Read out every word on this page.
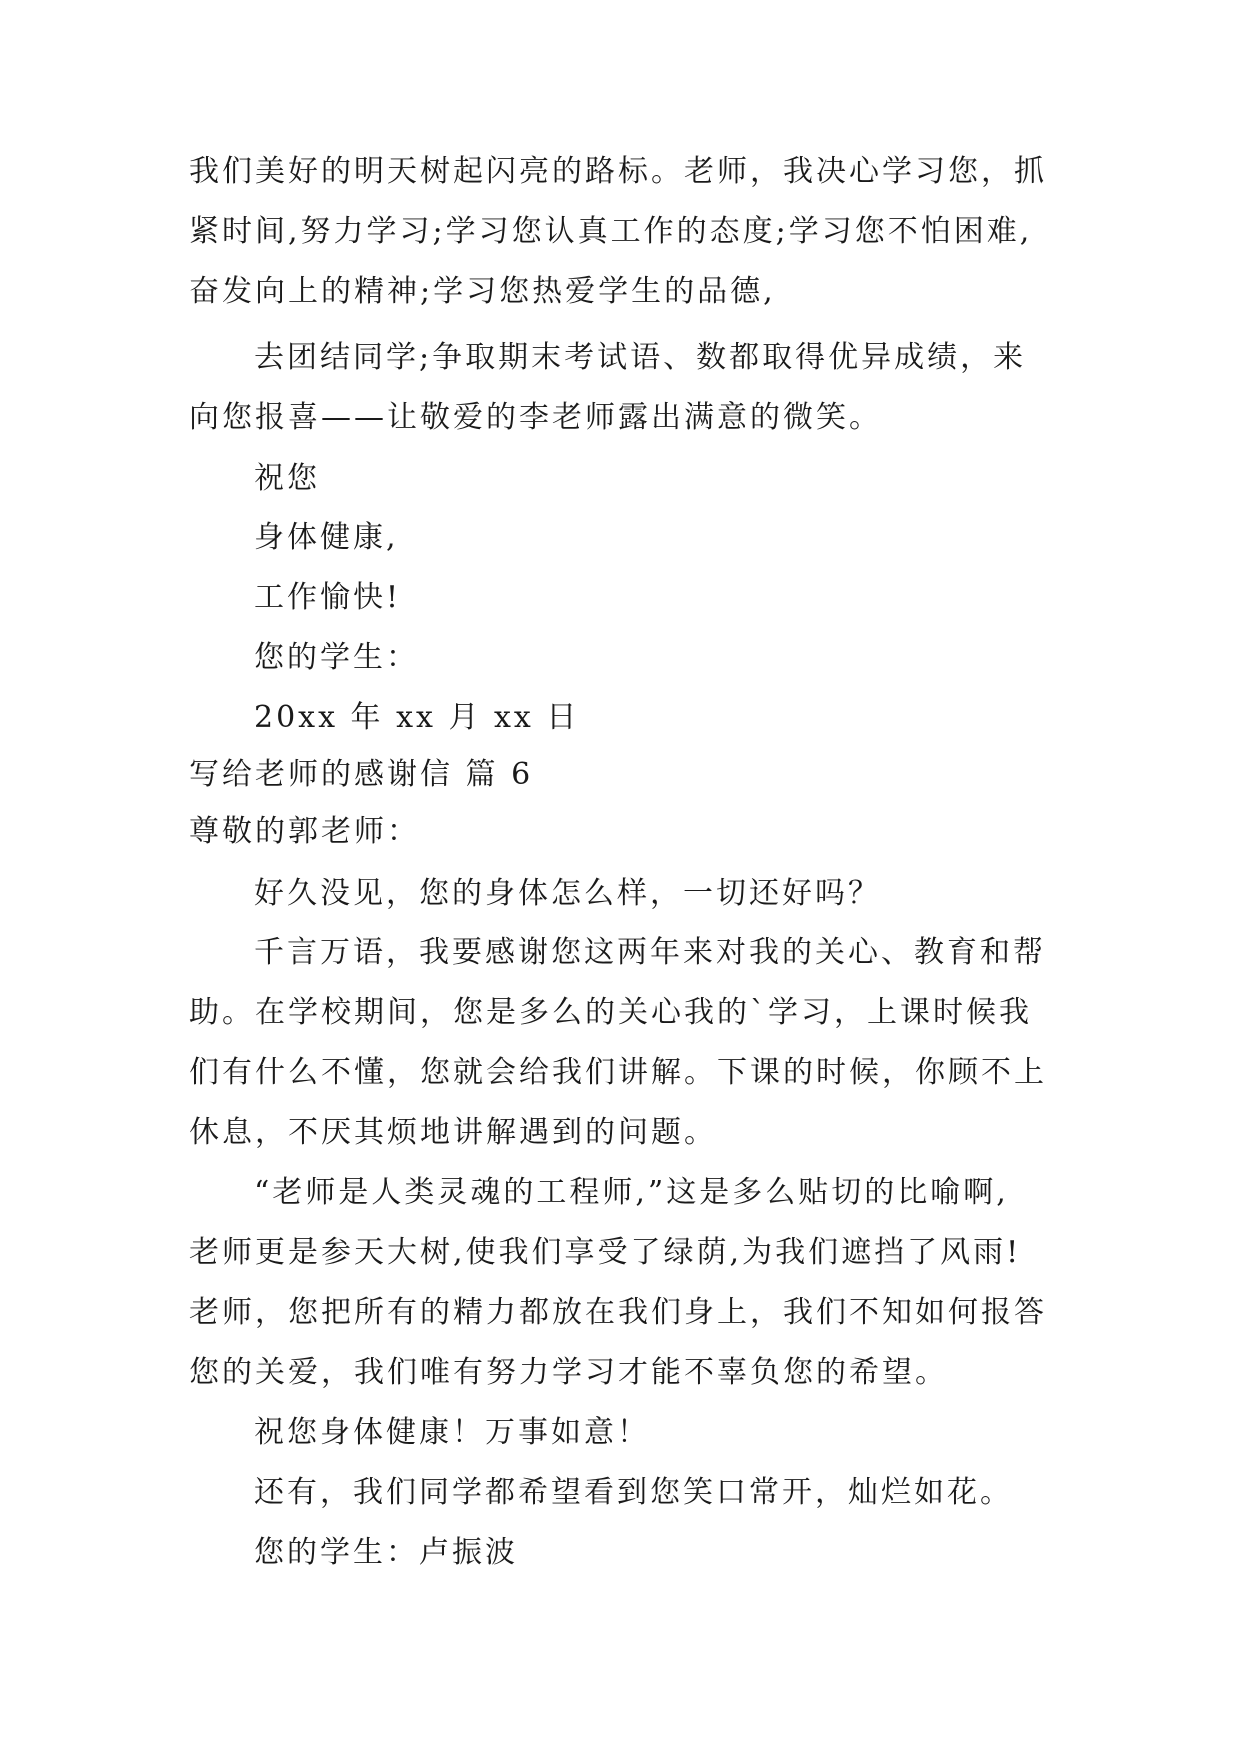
我们美好的明天树起闪亮的路标。老师，我决心学习您，抓
紧时间,努力学习;学习您认真工作的态度;学习您不怕困难,
奋发向上的精神;学习您热爱学生的品德,
去团结同学;争取期末考试语、数都取得优异成绩，来
向您报喜——让敬爱的李老师露出满意的微笑。
祝您
身体健康,
工作愉快!
您的学生：
20xx 年 xx 月 xx 日
写给老师的感谢信 篇 6
尊敬的郭老师：
好久没见，您的身体怎么样，一切还好吗？
千言万语，我要感谢您这两年来对我的关心、教育和帮
助。在学校期间，您是多么的关心我的`学习，上课时候我
们有什么不懂，您就会给我们讲解。下课的时候，你顾不上
休息，不厌其烦地讲解遇到的问题。
“老师是人类灵魂的工程师,”这是多么贴切的比喻啊,
老师更是参天大树,使我们享受了绿荫,为我们遮挡了风雨!
老师，您把所有的精力都放在我们身上，我们不知如何报答
您的关爱，我们唯有努力学习才能不辜负您的希望。
祝您身体健康！万事如意！
还有，我们同学都希望看到您笑口常开，灿烂如花。
您的学生：卢振波
